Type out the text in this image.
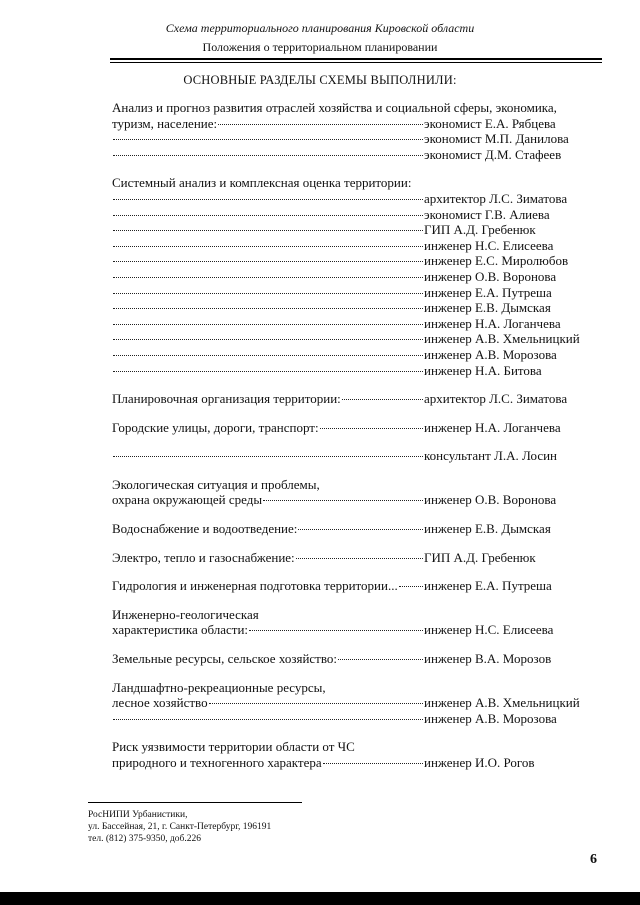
Схема территориального планирования Кировской области
Положения о территориальном планировании
ОСНОВНЫЕ РАЗДЕЛЫ СХЕМЫ ВЫПОЛНИЛИ:
Анализ и прогноз развития отраслей хозяйства и социальной сферы, экономика,
туризм, население:	экономист Е.А. Рябцева
экономист М.П. Данилова
экономист Д.М. Стафеев
Системный анализ и комплексная оценка территории:
архитектор Л.С. Зиматова
экономист Г.В. Алиева
ГИП А.Д. Гребенюк
инженер Н.С. Елисеева
инженер Е.С. Миролюбов
инженер О.В. Воронова
инженер Е.А. Путреша
инженер Е.В. Дымская
инженер Н.А. Логанчева
инженер А.В. Хмельницкий
инженер А.В. Морозова
инженер Н.А. Битова
Планировочная организация территории:	архитектор Л.С. Зиматова
Городские улицы, дороги, транспорт:	инженер Н.А. Логанчева
консультант Л.А. Лосин
Экологическая ситуация и проблемы,
охрана окружающей среды	инженер О.В. Воронова
Водоснабжение и водоотведение:	инженер Е.В. Дымская
Электро, тепло и газоснабжение:	ГИП А.Д. Гребенюк
Гидрология и инженерная подготовка территории... инженер Е.А. Путреша
Инженерно-геологическая
характеристика области:	инженер Н.С. Елисеева
Земельные ресурсы, сельское хозяйство:	инженер В.А. Морозов
Ландшафтно-рекреационные ресурсы,
лесное хозяйство	инженер А.В. Хмельницкий
инженер А.В. Морозова
Риск уязвимости территории области от ЧС
природного и техногенного характера	инженер И.О. Рогов
РосНИПИ Урбанистики,
ул. Бассейная, 21, г. Санкт-Петербург, 196191
тел. (812) 375-9350, доб.226
6
